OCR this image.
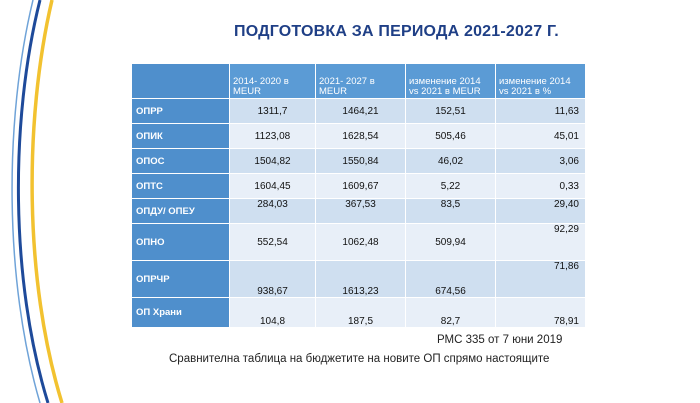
ПОДГОТОВКА ЗА ПЕРИОДА 2021-2027 Г.
	2014- 2020 в MEUR	2021- 2027 в MEUR	изменение 2014 vs 2021 в MEUR	изменение 2014 vs 2021 в %
ОПРР	1311,7	1464,21	152,51	11,63
ОПИК	1123,08	1628,54	505,46	45,01
ОПОС	1504,82	1550,84	46,02	3,06
ОПТС	1604,45	1609,67	5,22	0,33
ОПДУ/ ОПЕУ	284,03	367,53	83,5	29,40
ОПНО	552,54	1062,48	509,94	92,29
ОПРЧР	938,67	1613,23	674,56	71,86
ОП Храни	104,8	187,5	82,7	78,91
РМС 335 от 7 юни 2019
Сравнителна таблица на бюджетите на новите ОП спрямо настоящите
